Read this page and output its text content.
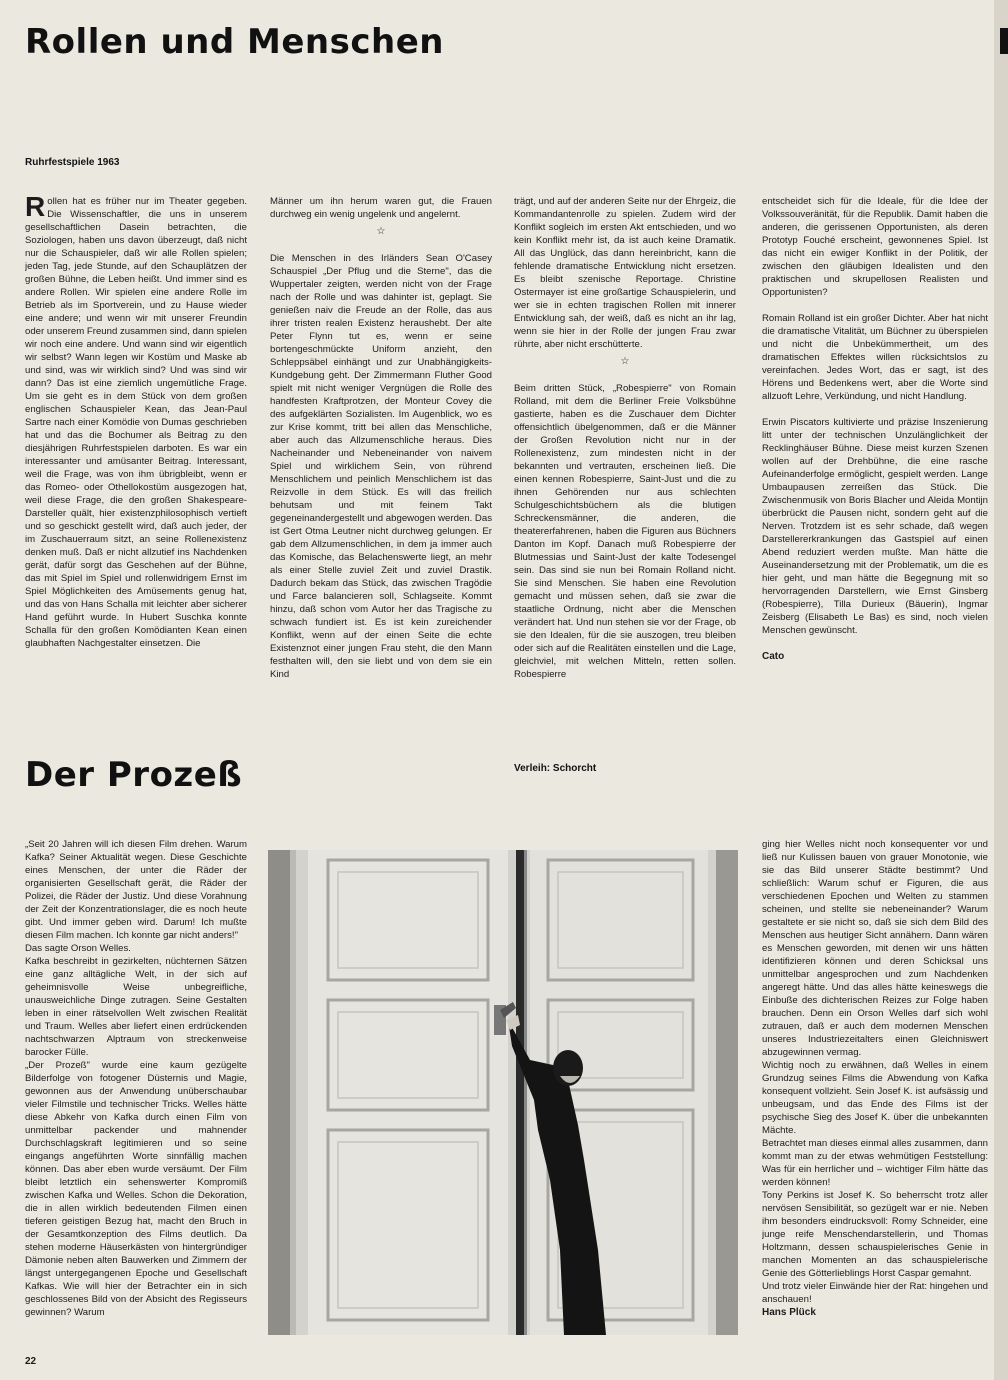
Rollen und Menschen
Ruhrfestspiele 1963

Rollen hat es früher nur im Theater gegeben. Die Wissenschaftler, die uns in unserem gesellschaftlichen Dasein betrachten, die Soziologen, haben uns davon überzeugt, daß nicht nur die Schauspieler, daß wir alle Rollen spielen; jeden Tag, jede Stunde, auf den Schauplätzen der großen Bühne, die Leben heißt. Und immer sind es andere Rollen. Wir spielen eine andere Rolle im Betrieb als im Sportverein, und zu Hause wieder eine andere; und wenn wir mit unserer Freundin oder unserem Freund zusammen sind, dann spielen wir noch eine andere. Und wann sind wir eigentlich wir selbst? Wann legen wir Kostüm und Maske ab und sind, was wir wirklich sind? Und was sind wir dann? Das ist eine ziemlich ungemütliche Frage. Um sie geht es in dem Stück von dem großen englischen Schauspieler Kean, das Jean-Paul Sartre nach einer Komödie von Dumas geschrieben hat und das die Bochumer als Beitrag zu den diesjährigen Ruhrfestspielen darboten. Es war ein interessanter und amüsanter Beitrag. Interessant, weil die Frage, was von ihm übrigbleibt, wenn er das Romeo- oder Othellokostüm ausgezogen hat, weil diese Frage, die den großen Shakespeare-Darsteller quält, hier existenzphilosophisch vertieft und so geschickt gestellt wird, daß auch jeder, der im Zuschauerraum sitzt, an seine Rollenexistenz denken muß. Daß er nicht allzutief ins Nachdenken gerät, dafür sorgt das Geschehen auf der Bühne, das mit Spiel im Spiel und rollenwidrigem Ernst im Spiel Möglichkeiten des Amüsements genug hat, und das von Hans Schalla mit leichter aber sicherer Hand geführt wurde. In Hubert Suschka konnte Schalla für den großen Komödianten Kean einen glaubhaften Nachgestalter einsetzen. Die

Männer um ihn herum waren gut, die Frauen durchweg ein wenig ungelenk und angelernt.

☆

Die Menschen in des Irländers Sean O'Casey Schauspiel „Der Pflug und die Sterne", das die Wuppertaler zeigten, werden nicht von der Frage nach der Rolle und was dahinter ist, geplagt. Sie genießen naiv die Freude an der Rolle, das aus ihrer tristen realen Existenz heraushebt. Der alte Peter Flynn tut es, wenn er seine bortengeschmückte Uniform anzieht, den Schleppsäbel einhängt und zur Unabhängigkeits-Kundgebung geht. Der Zimmermann Fluther Good spielt mit nicht weniger Vergnügen die Rolle des handfesten Kraftprotzen, der Monteur Covey die des aufgeklärten Sozialisten. Im Augenblick, wo es zur Krise kommt, tritt bei allen das Menschliche, aber auch das Allzumenschliche heraus. Dies Nacheinander und Nebeneinander von naivem Spiel und wirklichem Sein, von rührend Menschlichem und peinlich Menschlichem ist das Reizvolle in dem Stück. Es will das freilich behutsam und mit feinem Takt gegeneinandergestellt und abgewogen werden. Das ist Gert Otma Leutner nicht durchweg gelungen. Er gab dem Allzumenschlichen, in dem ja immer auch das Komische, das Belachenswerte liegt, an mehr als einer Stelle zuviel Zeit und zuviel Drastik. Dadurch bekam das Stück, das zwischen Tragödie und Farce balancieren soll, Schlagseite. Kommt hinzu, daß schon vom Autor her das Tragische zu schwach fundiert ist. Es ist kein zureichender Konflikt, wenn auf der einen Seite die echte Existenznot einer jungen Frau steht, die den Mann festhalten will, den sie liebt und von dem sie ein Kind

trägt, und auf der anderen Seite nur der Ehrgeiz, die Kommandantenrolle zu spielen. Zudem wird der Konflikt sogleich im ersten Akt entschieden, und wo kein Konflikt mehr ist, da ist auch keine Dramatik. All das Unglück, das dann hereinbricht, kann die fehlende dramatische Entwicklung nicht ersetzen. Es bleibt szenische Reportage. Christine Ostermayer ist eine großartige Schauspielerin, und wer sie in echten tragischen Rollen mit innerer Entwicklung sah, der weiß, daß es nicht an ihr lag, wenn sie hier in der Rolle der jungen Frau zwar rührte, aber nicht erschütterte.

☆

Beim dritten Stück, „Robespierre" von Romain Rolland, mit dem die Berliner Freie Volksbühne gastierte, haben es die Zuschauer dem Dichter offensichtlich übelgenommen, daß er die Männer der Großen Revolution nicht nur in der Rollenexistenz, zum mindesten nicht in der bekannten und vertrauten, erscheinen ließ. Die einen kennen Robespierre, Saint-Just und die zu ihnen Gehörenden nur aus schlechten Schulgeschichtsbüchern als die blutigen Schreckensmänner, die anderen, die theatererfahrenen, haben die Figuren aus Büchners Danton im Kopf. Danach muß Robespierre der Blutmessias und Saint-Just der kalte Todesengel sein. Das sind sie nun bei Romain Rolland nicht. Sie sind Menschen. Sie haben eine Revolution gemacht und müssen sehen, daß sie zwar die staatliche Ordnung, nicht aber die Menschen verändert hat. Und nun stehen sie vor der Frage, ob sie den Idealen, für die sie auszogen, treu bleiben oder sich auf die Realitäten einstellen und die Lage, gleichviel, mit welchen Mitteln, retten sollen. Robespierre

entscheidet sich für die Ideale, für die Idee der Volkssouveränität, für die Republik. Damit haben die anderen, die gerissenen Opportunisten, als deren Prototyp Fouché erscheint, gewonnenes Spiel. Ist das nicht ein ewiger Konflikt in der Politik, der zwischen den gläubigen Idealisten und den praktischen und skrupellosen Realisten und Opportunisten?

Romain Rolland ist ein großer Dichter. Aber hat nicht die dramatische Vitalität, um Büchner zu überspielen und nicht die Unbekümmertheit, um des dramatischen Effektes willen rücksichtslos zu vereinfachen. Jedes Wort, das er sagt, ist des Hörens und Bedenkens wert, aber die Worte sind allzuoft Lehre, Verkündung, und nicht Handlung.

Erwin Piscators kultivierte und präzise Inszenierung litt unter der technischen Unzulänglichkeit der Recklinghäuser Bühne. Diese meist kurzen Szenen wollen auf der Drehbühne, die eine rasche Aufeinanderfolge ermöglicht, gespielt werden. Lange Umbaupausen zerreißen das Stück. Die Zwischenmusik von Boris Blacher und Aleida Montijn überbrückt die Pausen nicht, sondern geht auf die Nerven. Trotzdem ist es sehr schade, daß wegen Darstellererkrankungen das Gastspiel auf einen Abend reduziert werden mußte. Man hätte die Auseinandersetzung mit der Problematik, um die es hier geht, und man hätte die Begegnung mit so hervorragenden Darstellern, wie Ernst Ginsberg (Robespierre), Tilla Durieux (Bäuerin), Ingmar Zeisberg (Elisabeth Le Bas) es sind, noch vielen Menschen gewünscht.

Cato
Der Prozeß	Verleih: Schorcht

„Seit 20 Jahren will ich diesen Film drehen. Warum Kafka? Seiner Aktualität wegen. Diese Geschichte eines Menschen, der unter die Räder der organisierten Gesellschaft gerät, die Räder der Polizei, die Räder der Justiz. Und diese Vorahnung der Zeit der Konzentrationslager, die es noch heute gibt. Und immer geben wird. Darum! Ich mußte diesen Film machen. Ich konnte gar nicht anders!"
Das sagte Orson Welles.
Kafka beschreibt in gezirkelten, nüchternen Sätzen eine ganz alltägliche Welt, in der sich auf geheimnisvolle Weise unbegreifliche, unausweichliche Dinge zutragen. Seine Gestalten leben in einer rätselvollen Welt zwischen Realität und Traum. Welles aber liefert einen erdrückenden nachtschwarzen Alptraum von streckenweise barocker Fülle.
„Der Prozeß" wurde eine kaum gezügelte Bilderfolge von fotogener Düsternis und Magie, gewonnen aus der Anwendung unüberschaubar vieler Filmstile und technischer Tricks. Welles hätte diese Abkehr von Kafka durch einen Film von unmittelbar packender und mahnender Durchschlagskraft legitimieren und so seine eingangs angeführten Worte sinnfällig machen können. Das aber eben wurde versäumt. Der Film bleibt letztlich ein sehenswerter Kompromiß zwischen Kafka und Welles. Schon die Dekoration, die in allen wirklich bedeutenden Filmen einen tieferen geistigen Bezug hat, macht den Bruch in der Gesamtkonzeption des Films deutlich. Da stehen moderne Häuserkästen von hintergründiger Dämonie neben alten Bauwerken und Zimmern der längst untergegangenen Epoche und Gesellschaft Kafkas. Wie will hier der Betrachter ein in sich geschlossenes Bild von der Absicht des Regisseurs gewinnen? Warum

ging hier Welles nicht noch konsequenter vor und ließ nur Kulissen bauen von grauer Monotonie, wie sie das Bild unserer Städte bestimmt? Und schließlich: Warum schuf er Figuren, die aus verschiedenen Epochen und Welten zu stammen scheinen, und stellte sie nebeneinander? Warum gestaltete er sie nicht so, daß sie sich dem Bild des Menschen aus heutiger Sicht annähern. Dann wären es Menschen geworden, mit denen wir uns hätten identifizieren können und deren Schicksal uns unmittelbar angesprochen und zum Nachdenken angeregt hätte. Und das alles hätte keineswegs die Einbuße des dichterischen Reizes zur Folge haben brauchen. Denn ein Orson Welles darf sich wohl zutrauen, daß er auch dem modernen Menschen unseres Industriezeitalters einen Gleichniswert abzugewinnen vermag.
Wichtig noch zu erwähnen, daß Welles in einem Grundzug seines Films die Abwendung von Kafka konsequent vollzieht. Sein Josef K. ist aufsässig und unbeugsam, und das Ende des Films ist der psychische Sieg des Josef K. über die unbekannten Mächte.
Betrachtet man dieses einmal alles zusammen, dann kommt man zu der etwas wehmütigen Feststellung: Was für ein herrlicher und – wichtiger Film hätte das werden können!
Tony Perkins ist Josef K. So beherrscht trotz aller nervösen Sensibilität, so gezügelt war er nie. Neben ihm besonders eindrucksvoll: Romy Schneider, eine junge reife Menschendarstellerin, und Thomas Holtzmann, dessen schauspielerisches Genie in manchen Momenten an das schauspielerische Genie des Götterlieblings Horst Caspar gemahnt.
Und trotz vieler Einwände hier der Rat: hingehen und anschauen!

Hans Plück
22
